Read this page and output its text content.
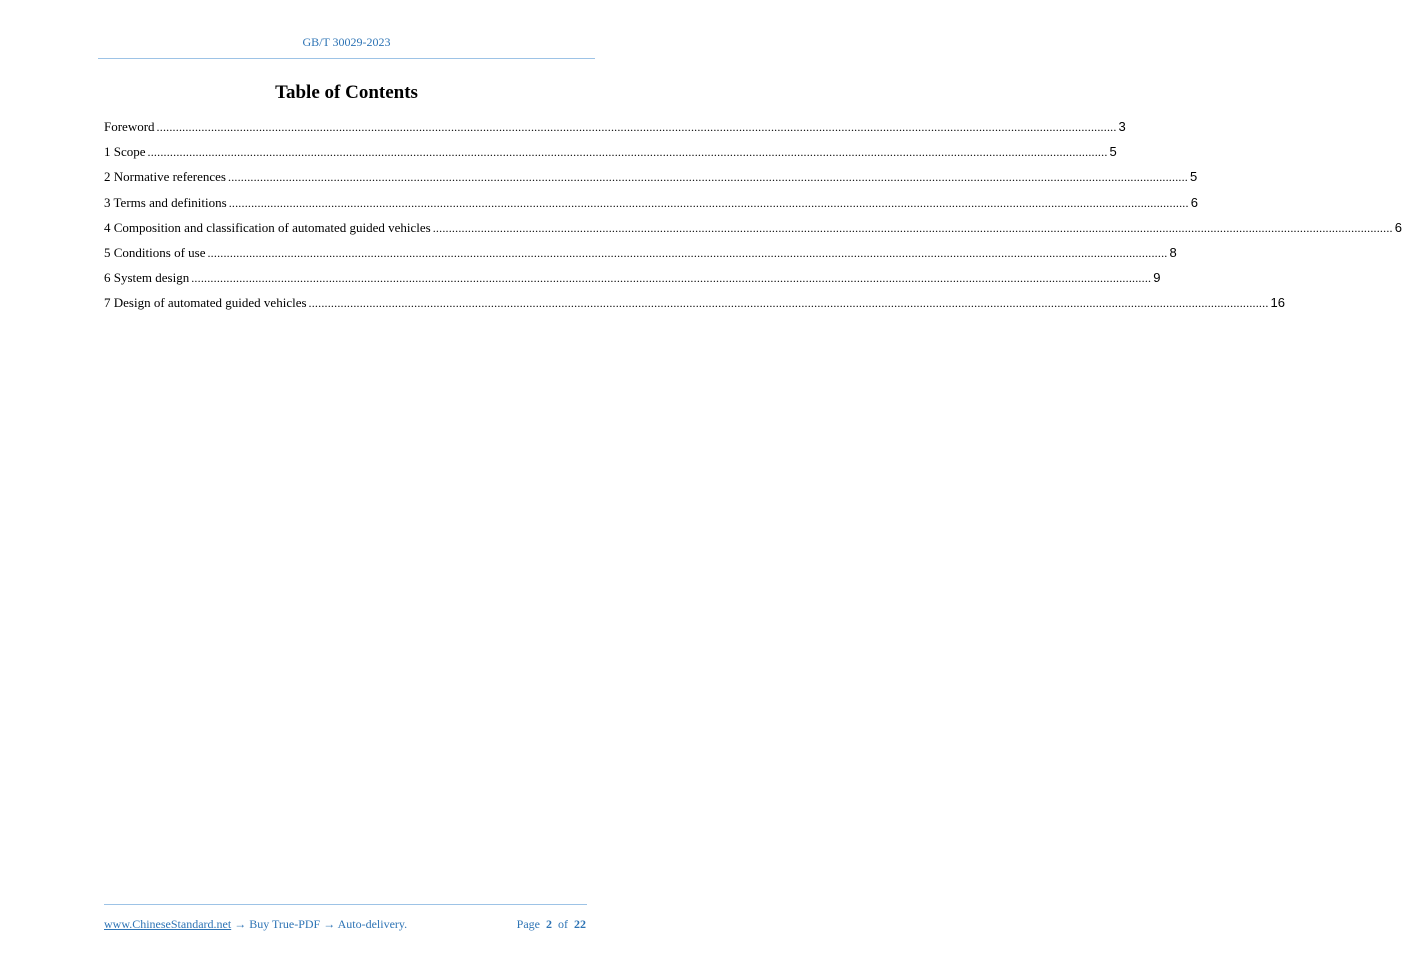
GB/T 30029-2023
Table of Contents
Foreword ............................................................................................................................................................................................................................................................................................................ 3
1 Scope ............................................................................................................................................................................................................................................................................................................ 5
2 Normative references ............................................................................................................................................................................................................................................................................................................ 5
3 Terms and definitions ............................................................................................................................................................................................................................................................................................................ 6
4 Composition and classification of automated guided vehicles ............................................................................................................................................................................................................................................................................................................ 6
5 Conditions of use ............................................................................................................................................................................................................................................................................................................ 8
6 System design ............................................................................................................................................................................................................................................................................................................ 9
7 Design of automated guided vehicles ............................................................................................................................................................................................................................................................................................................ 16
www.ChineseStandard.net → Buy True-PDF → Auto-delivery.	Page 2 of 22
